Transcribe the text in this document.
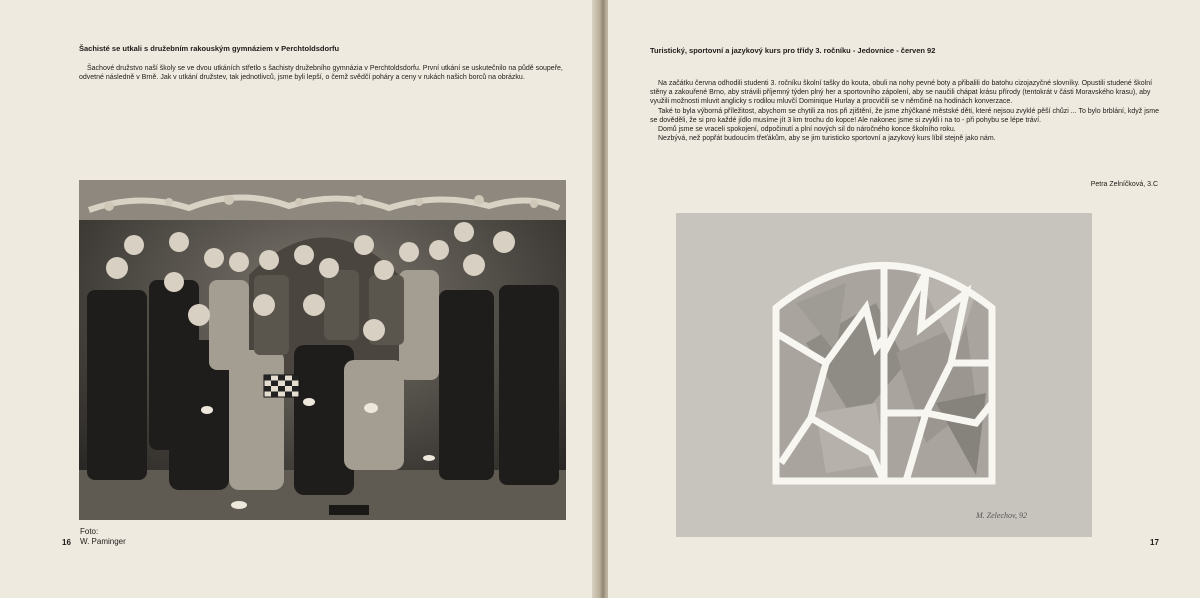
Šachisté se utkali s družebním rakouským gymnáziem v Perchtoldsdorfu

Šachové družstvo naší školy se ve dvou utkáních střetlo s šachisty družebního gymnázia v Perchtoldsdorfu. První utkání se uskutečnilo na půdě soupeře, odvetné následně v Brně. Jak v utkání družstev, tak jednotlivců, jsme byli lepší, o čemž svědčí poháry a ceny v rukách našich borců na obrázku.

Foto:
W. Paminger
16
Turistický, sportovní a jazykový kurs pro třídy 3. ročníku - Jedovnice - červen 92
Na začátku června odhodili studenti 3. ročníku školní tašky do kouta, obuli na nohy pevné boty a přibalili do batohu cizojazyčné slovníky. Opustili studené školní stěny a zakouřené Brno, aby strávili příjemný týden plný her a sportovního zápolení, aby se naučili chápat krásu přírody (tentokrát v části Moravského krasu), aby využili možnosti mluvit anglicky s rodilou mluvčí Dominique Hurlay a procvičili se v němčině na hodinách konverzace.
Také to byla výborná příležitost, abychom se chytili za nos při zjištění, že jsme zhýčkané městské děti, které nejsou zvyklé pěší chůzi ... To bylo brblání, když jsme se dověděli, že si pro každé jídlo musíme jít 3 km trochu do kopce! Ale nakonec jsme si zvykli i na to - při pohybu se lépe tráví.
Domů jsme se vraceli spokojení, odpočinutí a plní nových sil do náročného konce školního roku.
Nezbývá, než popřát budoucím třeťákům, aby se jim turisticko sportovní a jazykový kurs líbil stejně jako nám.
Petra Zelníčková, 3.C
17
M. Zelechov, 92
